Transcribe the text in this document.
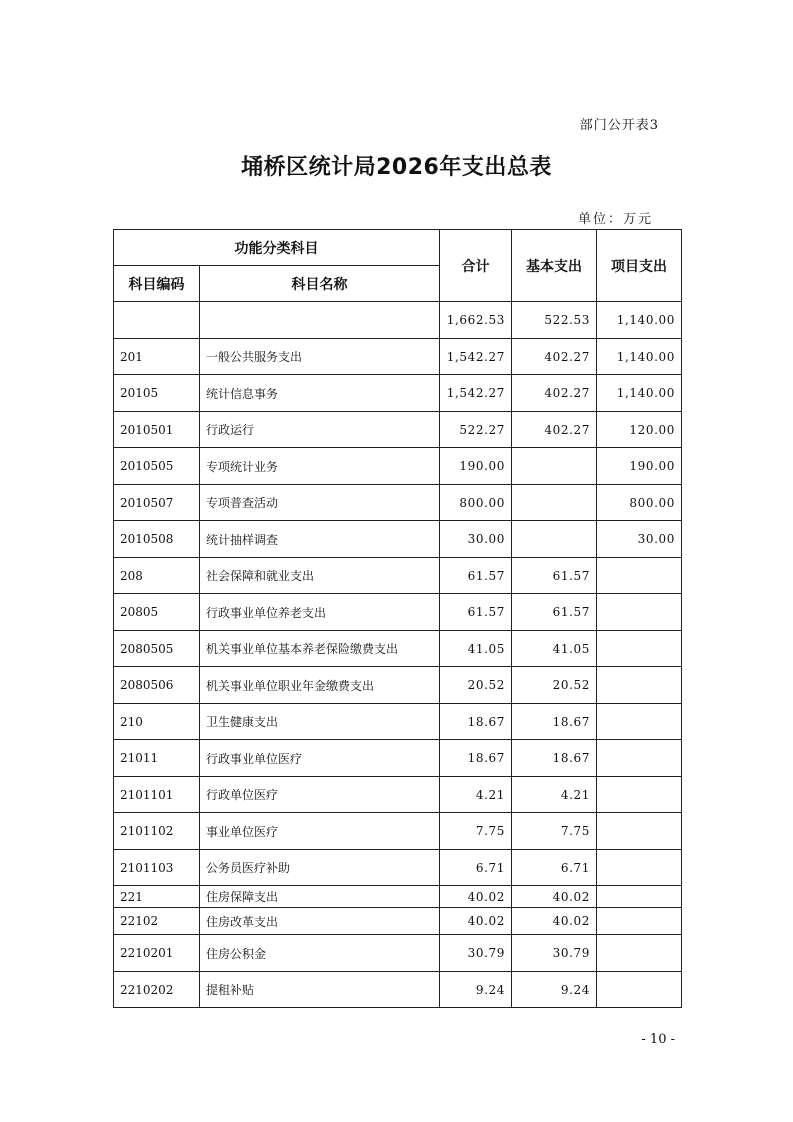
部门公开表3
埇桥区统计局2026年支出总表
单位：万元
功能分类科目		合计	基本支出	项目支出
科目编码	科目名称			
		1,662.53	522.53	1,140.00
201	一般公共服务支出	1,542.27	402.27	1,140.00
20105	统计信息事务	1,542.27	402.27	1,140.00
2010501	行政运行	522.27	402.27	120.00
2010505	专项统计业务	190.00		190.00
2010507	专项普查活动	800.00		800.00
2010508	统计抽样调查	30.00		30.00
208	社会保障和就业支出	61.57	61.57	
20805	行政事业单位养老支出	61.57	61.57	
2080505	机关事业单位基本养老保险缴费支出	41.05	41.05	
2080506	机关事业单位职业年金缴费支出	20.52	20.52	
210	卫生健康支出	18.67	18.67	
21011	行政事业单位医疗	18.67	18.67	
2101101	行政单位医疗	4.21	4.21	
2101102	事业单位医疗	7.75	7.75	
2101103	公务员医疗补助	6.71	6.71	
221	住房保障支出	40.02	40.02	
22102	住房改革支出	40.02	40.02	
2210201	住房公积金	30.79	30.79	
2210202	提租补贴	9.24	9.24	
- 10 -
